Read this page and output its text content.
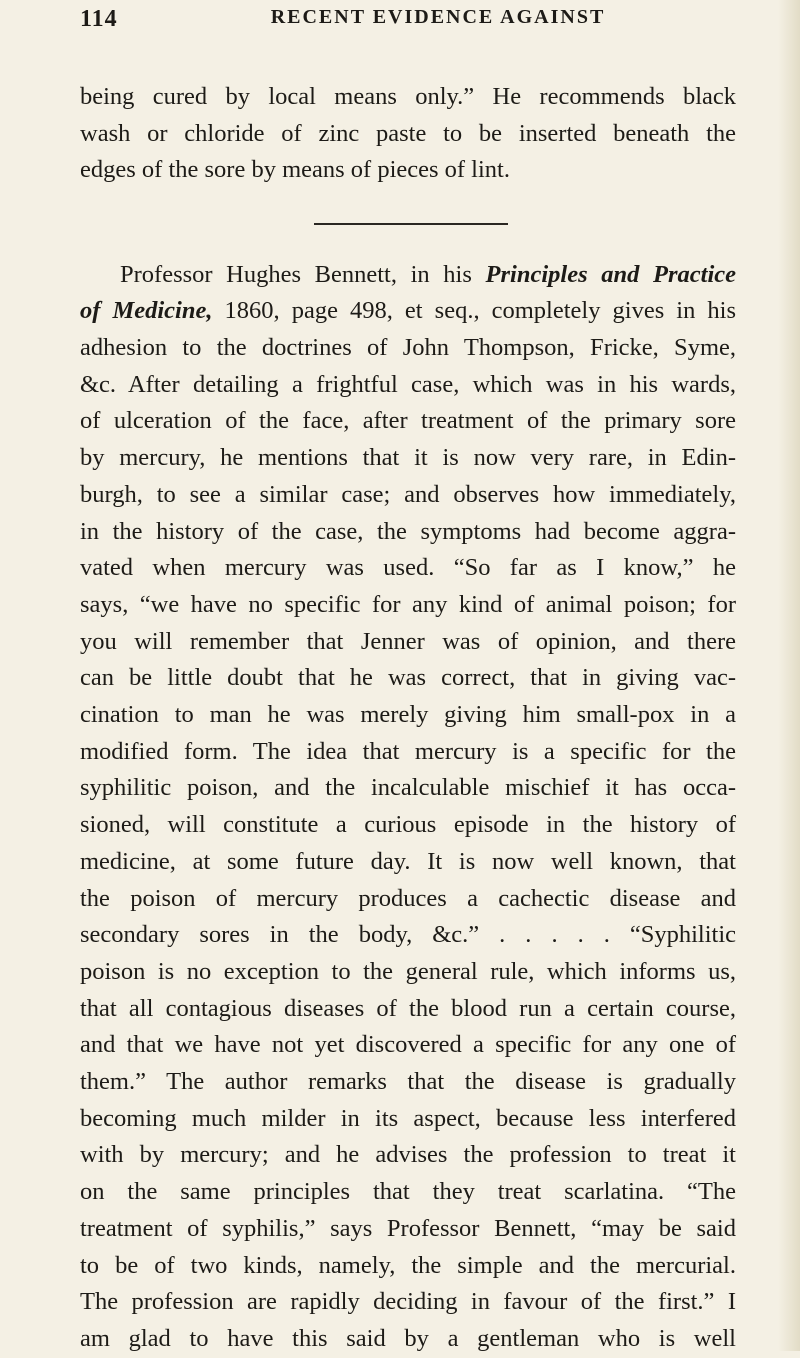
114	RECENT EVIDENCE AGAINST
being cured by local means only.” He recommends black
wash or chloride of zinc paste to be inserted beneath the
edges of the sore by means of pieces of lint.
Professor Hughes Bennett, in his Principles and Practice
of Medicine, 1860, page 498, et seq., completely gives in his
adhesion to the doctrines of John Thompson, Fricke, Syme,
&c. After detailing a frightful case, which was in his wards,
of ulceration of the face, after treatment of the primary sore
by mercury, he mentions that it is now very rare, in Edin-
burgh, to see a similar case; and observes how immediately,
in the history of the case, the symptoms had become aggra-
vated when mercury was used. “So far as I know,” he
says, “we have no specific for any kind of animal poison; for
you will remember that Jenner was of opinion, and there
can be little doubt that he was correct, that in giving vac-
cination to man he was merely giving him small-pox in a
modified form. The idea that mercury is a specific for the
syphilitic poison, and the incalculable mischief it has occa-
sioned, will constitute a curious episode in the history of
medicine, at some future day. It is now well known, that
the poison of mercury produces a cachectic disease and
secondary sores in the body, &c.” . . . . . “Syphilitic
poison is no exception to the general rule, which informs us,
that all contagious diseases of the blood run a certain course,
and that we have not yet discovered a specific for any one of
them.” The author remarks that the disease is gradually
becoming much milder in its aspect, because less interfered
with by mercury; and he advises the profession to treat it
on the same principles that they treat scarlatina. “The
treatment of syphilis,” says Professor Bennett, “may be said
to be of two kinds, namely, the simple and the mercurial.
The profession are rapidly deciding in favour of the first.” I
am glad to have this said by a gentleman who is well
